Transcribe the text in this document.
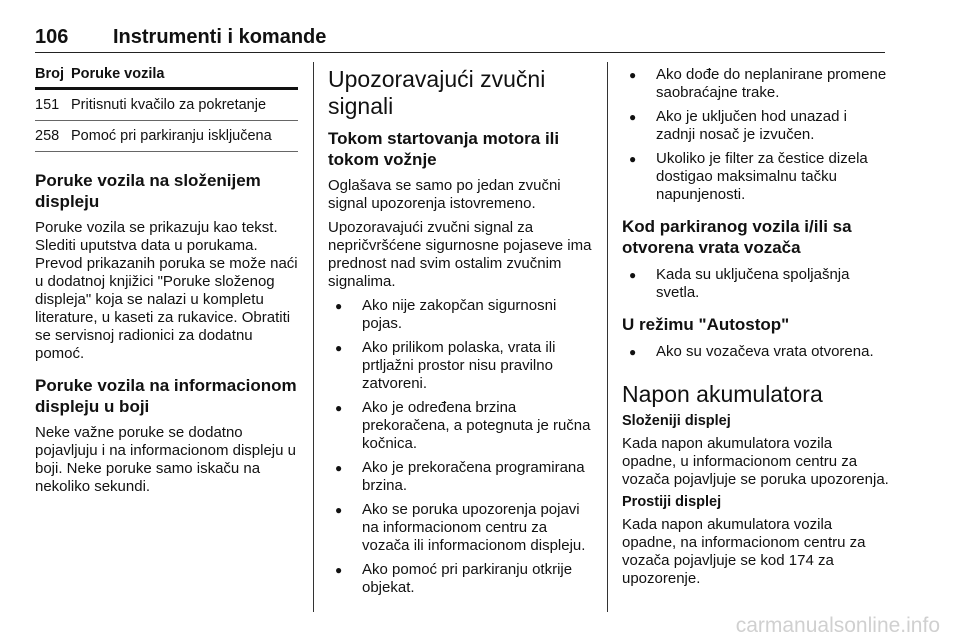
106 Instrumenti i komande
Broj	Poruke vozila
151	Pritisnuti kvačilo za pokretanje
258	Pomoć pri parkiranju isključena
Poruke vozila na složenijem displeju

Poruke vozila se prikazuju kao tekst. Slediti uputstva data u porukama. Prevod prikazanih poruka se može naći u dodatnoj knjižici "Poruke složenog displeja" koja se nalazi u kompletu literature, u kaseti za rukavice. Obratiti se servisnoj radionici za dodatnu pomoć.

Poruke vozila na informacionom displeju u boji

Neke važne poruke se dodatno pojavljuju i na informacionom displeju u boji. Neke poruke samo iskaču na nekoliko sekundi.

Upozoravajući zvučni signali
Tokom startovanja motora ili tokom vožnje

Oglašava se samo po jedan zvučni signal upozorenja istovremeno.

Upozoravajući zvučni signal za nepričvršćene sigurnosne pojaseve ima prednost nad svim ostalim zvučnim signalima.

● Ako nije zakopčan sigurnosni pojas.
● Ako prilikom polaska, vrata ili prtljažni prostor nisu pravilno zatvoreni.
● Ako je određena brzina prekoračena, a potegnuta je ručna kočnica.
● Ako je prekoračena programirana brzina.
● Ako se poruka upozorenja pojavi na informacionom centru za vozača ili informacionom displeju.
● Ako pomoć pri parkiranju otkrije objekat.
● Ako dođe do neplanirane promene saobraćajne trake.
● Ako je uključen hod unazad i zadnji nosač je izvučen.
● Ukoliko je filter za čestice dizela dostigao maksimalnu tačku napunjenosti.
Kod parkiranog vozila i/ili sa otvorena vrata vozača
● Kada su uključena spoljašnja svetla.
U režimu "Autostop"
● Ako su vozačeva vrata otvorena.
Napon akumulatora
Složeniji displej

Kada napon akumulatora vozila opadne, u informacionom centru za vozača pojavljuje se poruka upozorenja.

Prostiji displej

Kada napon akumulatora vozila opadne, na informacionom centru za vozača pojavljuje se kod 174 za upozorenje.

carmanualsonline.info
